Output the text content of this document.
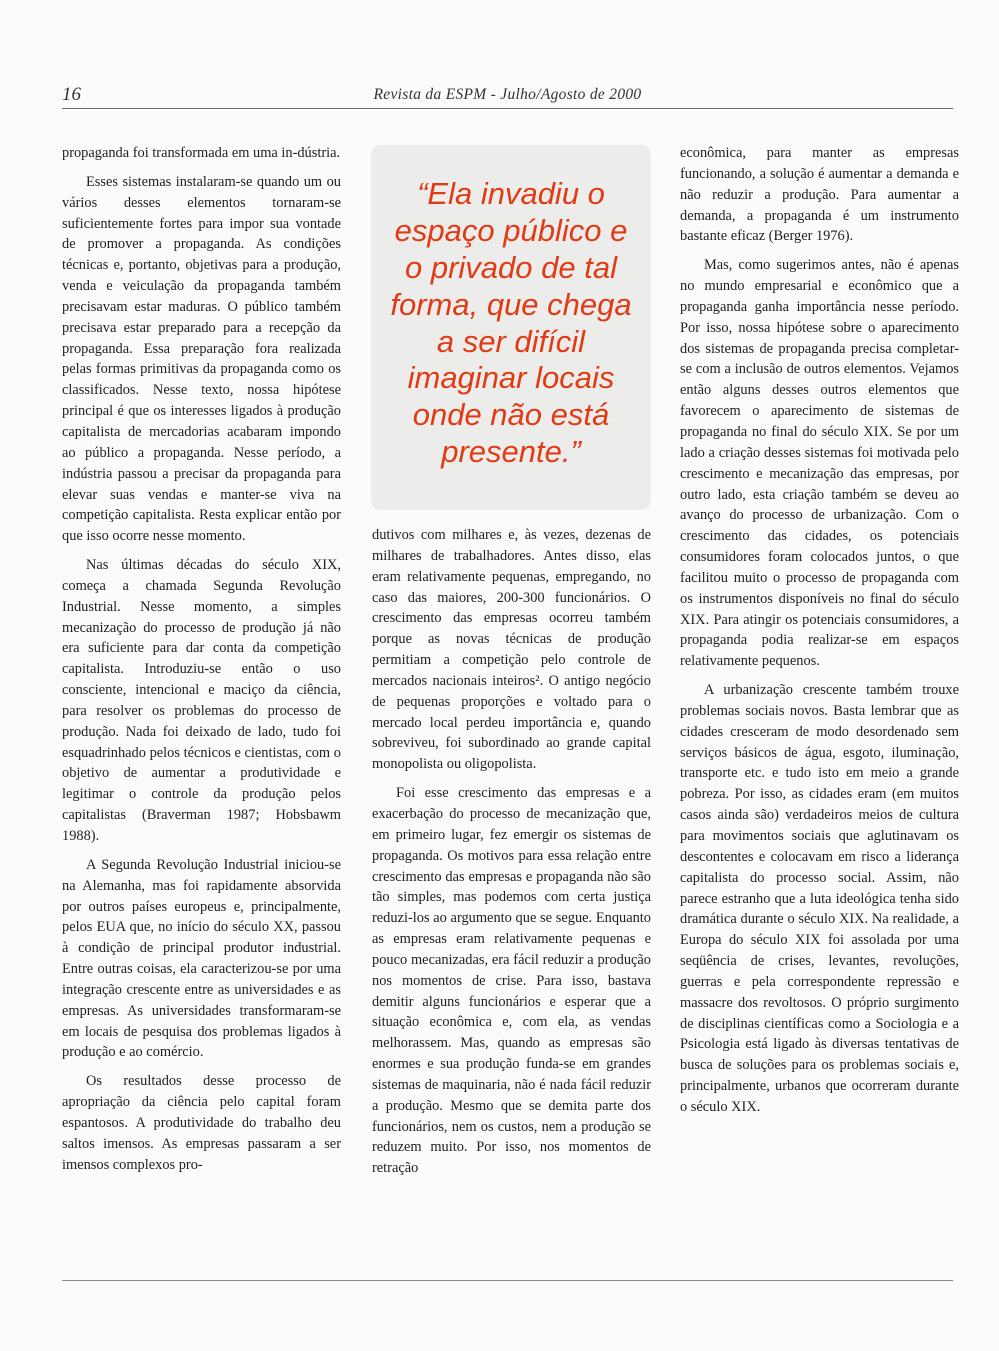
16	Revista da ESPM - Julho/Agosto de 2000

propaganda foi transformada em uma in-dústria.

Esses sistemas instalaram-se quando um ou vários desses elementos tornaram-se suficientemente fortes para impor sua vontade de promover a propaganda. As condições técnicas e, portanto, objetivas para a produção, venda e veiculação da propaganda também precisavam estar maduras. O público também precisava estar preparado para a recepção da propaganda. Essa preparação fora realizada pelas formas primitivas da propaganda como os classificados. Nesse texto, nossa hipótese principal é que os interesses ligados à produção capitalista de mercadorias acabaram impondo ao público a propaganda. Nesse período, a indústria passou a precisar da propaganda para elevar suas vendas e manter-se viva na competição capitalista. Resta explicar então por que isso ocorre nesse momento.

Nas últimas décadas do século XIX, começa a chamada Segunda Revolução Industrial. Nesse momento, a simples mecanização do processo de produção já não era suficiente para dar conta da competição capitalista. Introduziu-se então o uso consciente, intencional e maciço da ciência, para resolver os problemas do processo de produção. Nada foi deixado de lado, tudo foi esquadrinhado pelos técnicos e cientistas, com o objetivo de aumentar a produtividade e legitimar o controle da produção pelos capitalistas (Braverman 1987; Hobsbawm 1988).

A Segunda Revolução Industrial iniciou-se na Alemanha, mas foi rapidamente absorvida por outros países europeus e, principalmente, pelos EUA que, no início do século XX, passou à condição de principal produtor industrial. Entre outras coisas, ela caracterizou-se por uma integração crescente entre as universidades e as empresas. As universidades transformaram-se em locais de pesquisa dos problemas ligados à produção e ao comércio.

Os resultados desse processo de apropriação da ciência pelo capital foram espantosos. A produtividade do trabalho deu saltos imensos. As empresas passaram a ser imensos complexos pro-

“Ela invadiu o espaço público e o privado de tal forma, que chega a ser difícil imaginar locais onde não está presente.”

dutivos com milhares e, às vezes, dezenas de milhares de trabalhadores. Antes disso, elas eram relativamente pequenas, empregando, no caso das maiores, 200-300 funcionários. O crescimento das empresas ocorreu também porque as novas técnicas de produção permitiam a competição pelo controle de mercados nacionais inteiros². O antigo negócio de pequenas proporções e voltado para o mercado local perdeu importância e, quando sobreviveu, foi subordinado ao grande capital monopolista ou oligopolista.

Foi esse crescimento das empresas e a exacerbação do processo de mecanização que, em primeiro lugar, fez emergir os sistemas de propaganda. Os motivos para essa relação entre crescimento das empresas e propaganda não são tão simples, mas podemos com certa justiça reduzi-los ao argumento que se segue. Enquanto as empresas eram relativamente pequenas e pouco mecanizadas, era fácil reduzir a produção nos momentos de crise. Para isso, bastava demitir alguns funcionários e esperar que a situação econômica e, com ela, as vendas melhorassem. Mas, quando as empresas são enormes e sua produção funda-se em grandes sistemas de maquinaria, não é nada fácil reduzir a produção. Mesmo que se demita parte dos funcionários, nem os custos, nem a produção se reduzem muito. Por isso, nos momentos de retração

econômica, para manter as empresas funcionando, a solução é aumentar a demanda e não reduzir a produção. Para aumentar a demanda, a propaganda é um instrumento bastante eficaz (Berger 1976).

Mas, como sugerimos antes, não é apenas no mundo empresarial e econômico que a propaganda ganha importância nesse período. Por isso, nossa hipótese sobre o aparecimento dos sistemas de propaganda precisa completar-se com a inclusão de outros elementos. Vejamos então alguns desses outros elementos que favorecem o aparecimento de sistemas de propaganda no final do século XIX. Se por um lado a criação desses sistemas foi motivada pelo crescimento e mecanização das empresas, por outro lado, esta criação também se deveu ao avanço do processo de urbanização. Com o crescimento das cidades, os potenciais consumidores foram colocados juntos, o que facilitou muito o processo de propaganda com os instrumentos disponíveis no final do século XIX. Para atingir os potenciais consumidores, a propaganda podia realizar-se em espaços relativamente pequenos.

A urbanização crescente também trouxe problemas sociais novos. Basta lembrar que as cidades cresceram de modo desordenado sem serviços básicos de água, esgoto, iluminação, transporte etc. e tudo isto em meio a grande pobreza. Por isso, as cidades eram (em muitos casos ainda são) verdadeiros meios de cultura para movimentos sociais que aglutinavam os descontentes e colocavam em risco a liderança capitalista do processo social. Assim, não parece estranho que a luta ideológica tenha sido dramática durante o século XIX. Na realidade, a Europa do século XIX foi assolada por uma seqüência de crises, levantes, revoluções, guerras e pela correspondente repressão e massacre dos revoltosos. O próprio surgimento de disciplinas científicas como a Sociologia e a Psicologia está ligado às diversas tentativas de busca de soluções para os problemas sociais e, principalmente, urbanos que ocorreram durante o século XIX.
